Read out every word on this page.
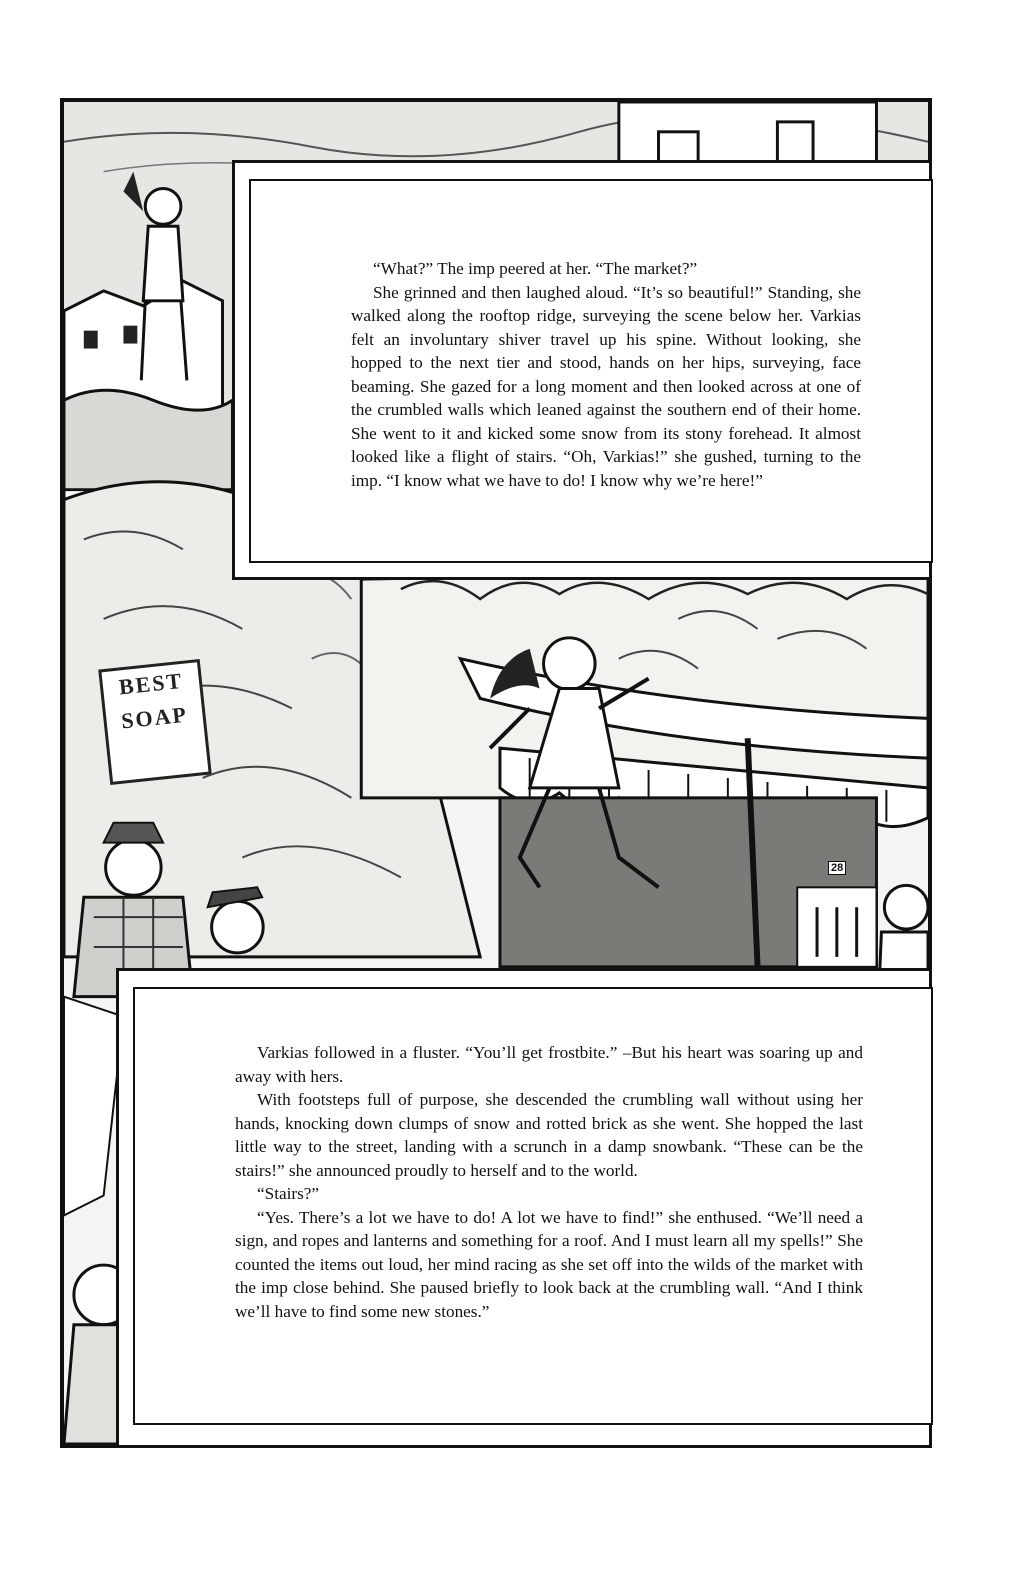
BEST
SOAP
28

“What?” The imp peered at her. “The market?”

She grinned and then laughed aloud. “It’s so beautiful!” Standing, she walked along the rooftop ridge, surveying the scene below her. Varkias felt an involuntary shiver travel up his spine. Without looking, she hopped to the next tier and stood, hands on her hips, surveying, face beaming. She gazed for a long moment and then looked across at one of the crumbled walls which leaned against the southern end of their home. She went to it and kicked some snow from its stony forehead. It almost looked like a flight of stairs. “Oh, Varkias!” she gushed, turning to the imp. “I know what we have to do! I know why we’re here!”

Varkias followed in a fluster. “You’ll get frostbite.” –But his heart was soaring up and away with hers.

With footsteps full of purpose, she descended the crumbling wall without using her hands, knocking down clumps of snow and rotted brick as she went. She hopped the last little way to the street, landing with a scrunch in a damp snowbank. “These can be the stairs!” she announced proudly to herself and to the world.

“Stairs?”

“Yes. There’s a lot we have to do! A lot we have to find!” she enthused. “We’ll need a sign, and ropes and lanterns and something for a roof. And I must learn all my spells!” She counted the items out loud, her mind racing as she set off into the wilds of the market with the imp close behind. She paused briefly to look back at the crumbling wall. “And I think we’ll have to find some new stones.”
